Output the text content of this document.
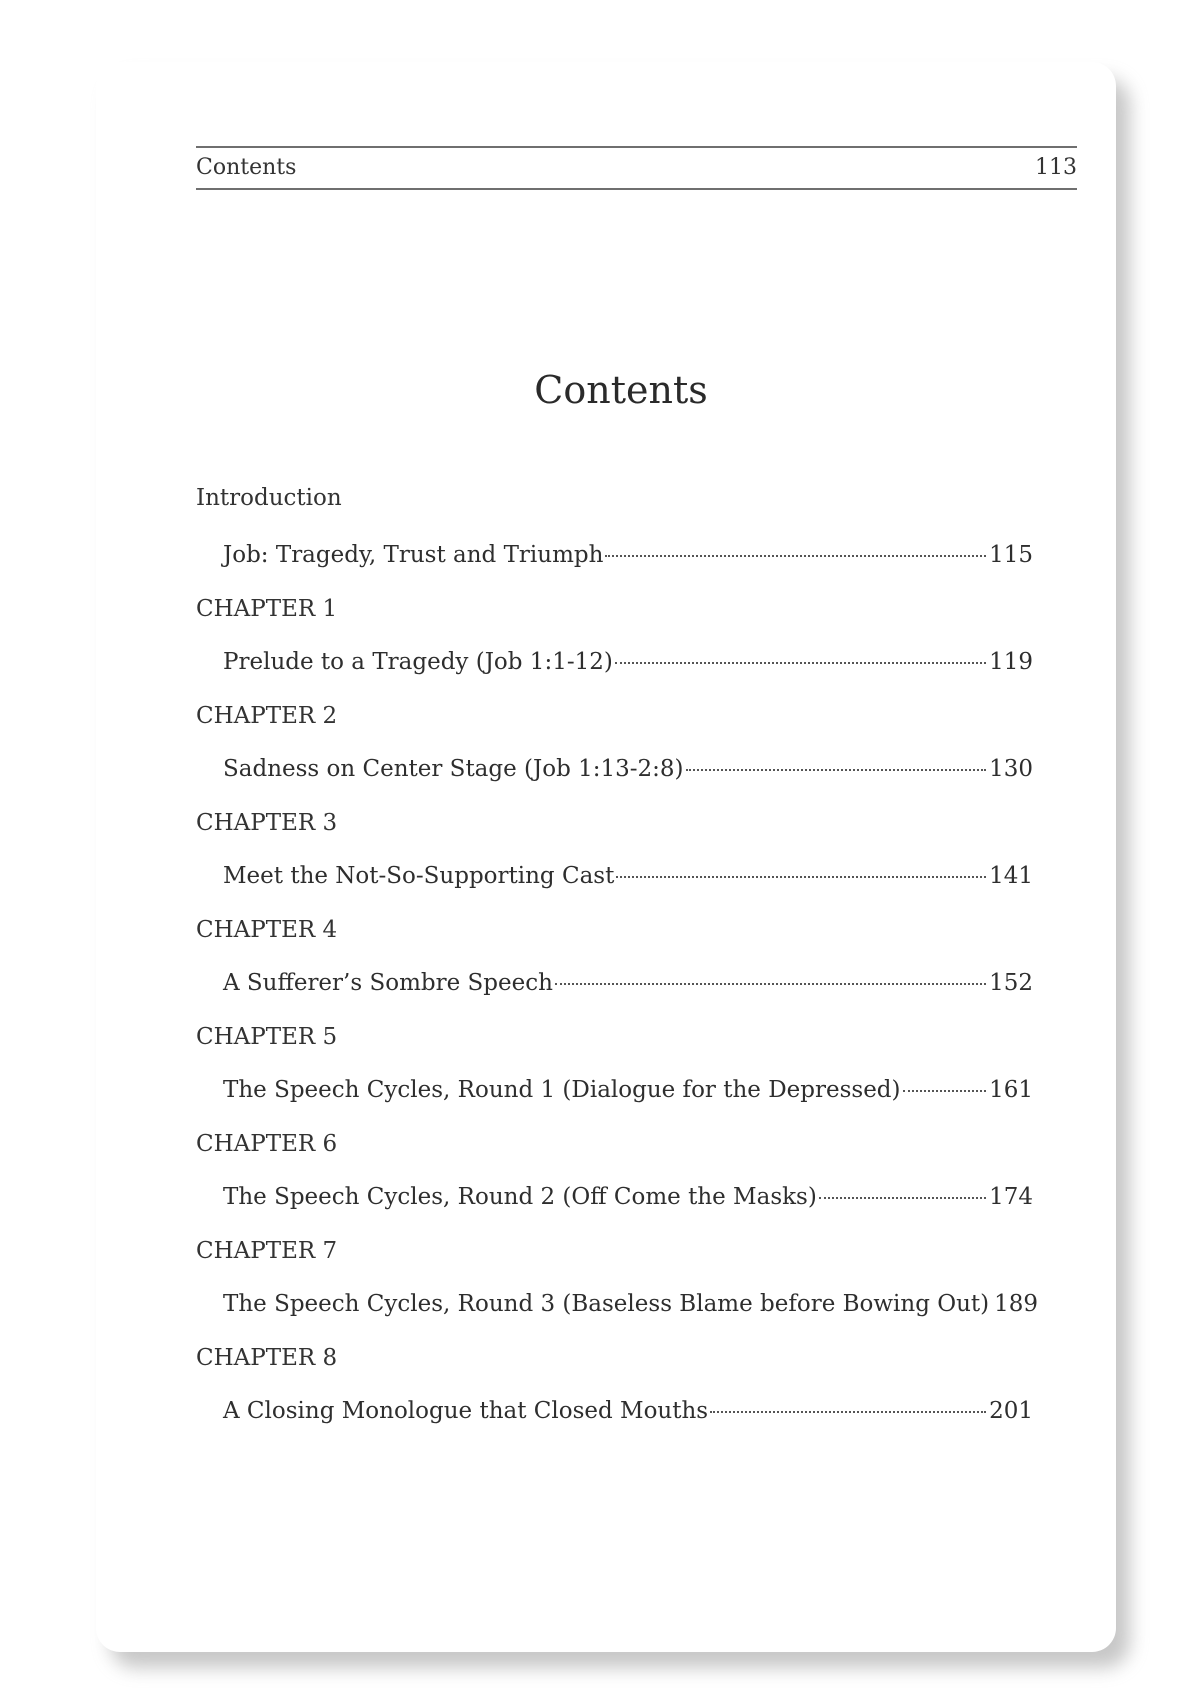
Contents	113
Contents
Introduction
Job: Tragedy, Trust and Triumph	115
CHAPTER 1
Prelude to a Tragedy (Job 1:1-12)	119
CHAPTER 2
Sadness on Center Stage (Job 1:13-2:8)	130
CHAPTER 3
Meet the Not-So-Supporting Cast	141
CHAPTER 4
A Sufferer’s Sombre Speech	152
CHAPTER 5
The Speech Cycles, Round 1 (Dialogue for the Depressed)	161
CHAPTER 6
The Speech Cycles, Round 2 (Off Come the Masks)	174
CHAPTER 7
The Speech Cycles, Round 3 (Baseless Blame before Bowing Out) 189
CHAPTER 8
A Closing Monologue that Closed Mouths	201
